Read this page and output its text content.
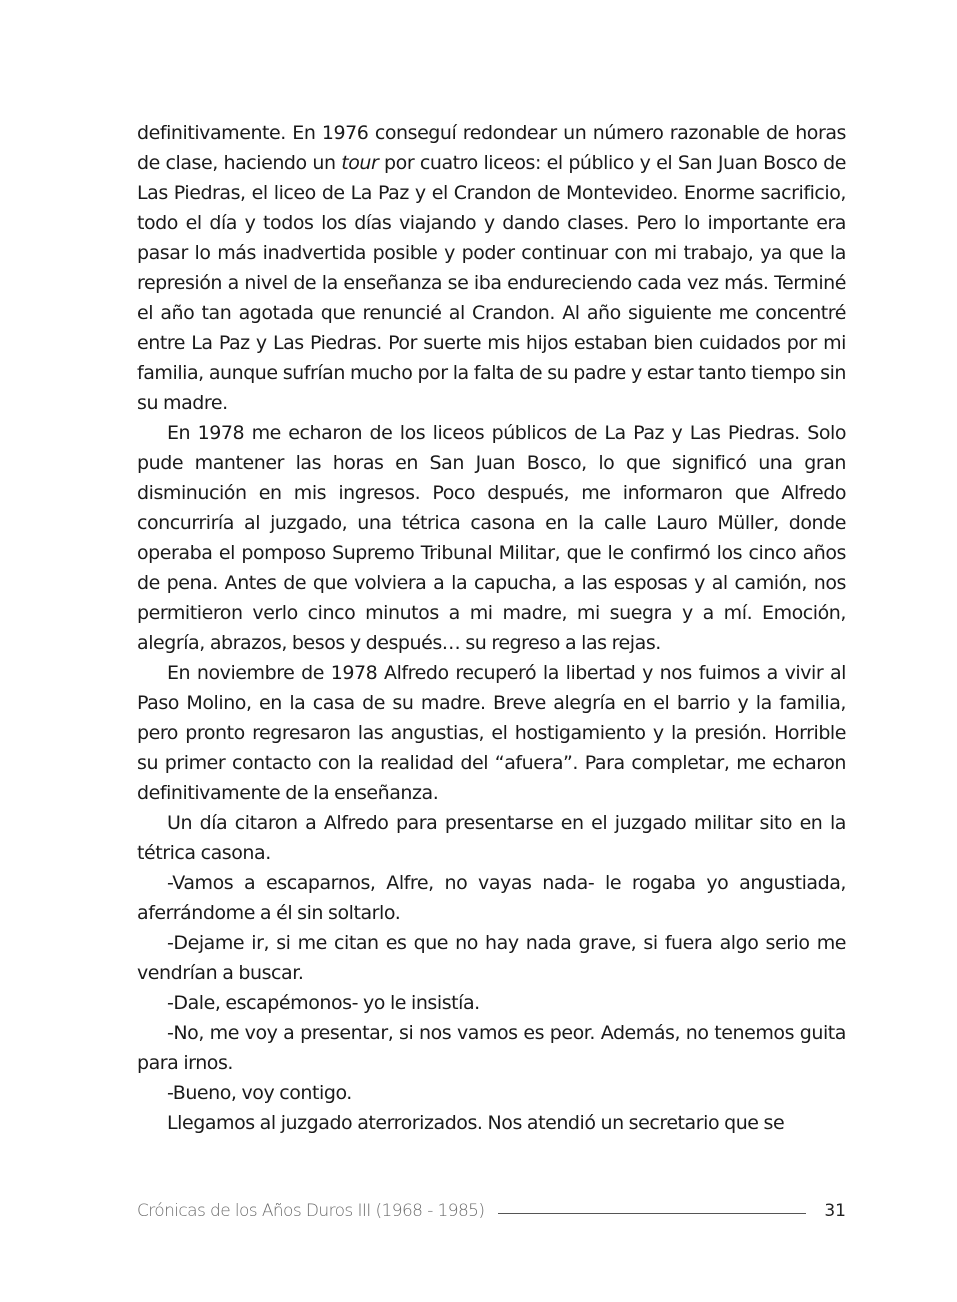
definitivamente. En 1976 conseguí redondear un número razonable de horas de clase, haciendo un tour por cuatro liceos: el público y el San Juan Bosco de Las Piedras, el liceo de La Paz y el Crandon de Montevideo. Enorme sacrificio, todo el día y todos los días viajando y dando clases. Pero lo importante era pasar lo más inadvertida posible y poder continuar con mi trabajo, ya que la represión a nivel de la enseñanza se iba endureciendo cada vez más. Terminé el año tan agotada que renuncié al Crandon. Al año siguiente me concentré entre La Paz y Las Piedras. Por suerte mis hijos estaban bien cuidados por mi familia, aunque sufrían mucho por la falta de su padre y estar tanto tiempo sin su madre.

En 1978 me echaron de los liceos públicos de La Paz y Las Piedras. Solo pude mantener las horas en San Juan Bosco, lo que significó una gran disminución en mis ingresos. Poco después, me informaron que Alfredo concurriría al juzgado, una tétrica casona en la calle Lauro Müller, donde operaba el pomposo Supremo Tribunal Militar, que le confirmó los cinco años de pena. Antes de que volviera a la capucha, a las esposas y al camión, nos permitieron verlo cinco minutos a mi madre, mi suegra y a mí. Emoción, alegría, abrazos, besos y después… su regreso a las rejas.

En noviembre de 1978 Alfredo recuperó la libertad y nos fuimos a vivir al Paso Molino, en la casa de su madre. Breve alegría en el barrio y la familia, pero pronto regresaron las angustias, el hostigamiento y la presión. Horrible su primer contacto con la realidad del “afuera”. Para completar, me echaron definitivamente de la enseñanza.

Un día citaron a Alfredo para presentarse en el juzgado militar sito en la tétrica casona.

-Vamos a escaparnos, Alfre, no vayas nada- le rogaba yo angustiada, aferrándome a él sin soltarlo.

-Dejame ir, si me citan es que no hay nada grave, si fuera algo serio me vendrían a buscar.

-Dale, escapémonos- yo le insistía.

-No, me voy a presentar, si nos vamos es peor. Además, no tenemos guita para irnos.

-Bueno, voy contigo.

Llegamos al juzgado aterrorizados. Nos atendió un secretario que se

Crónicas de los Años Duros III (1968 - 1985)	31
